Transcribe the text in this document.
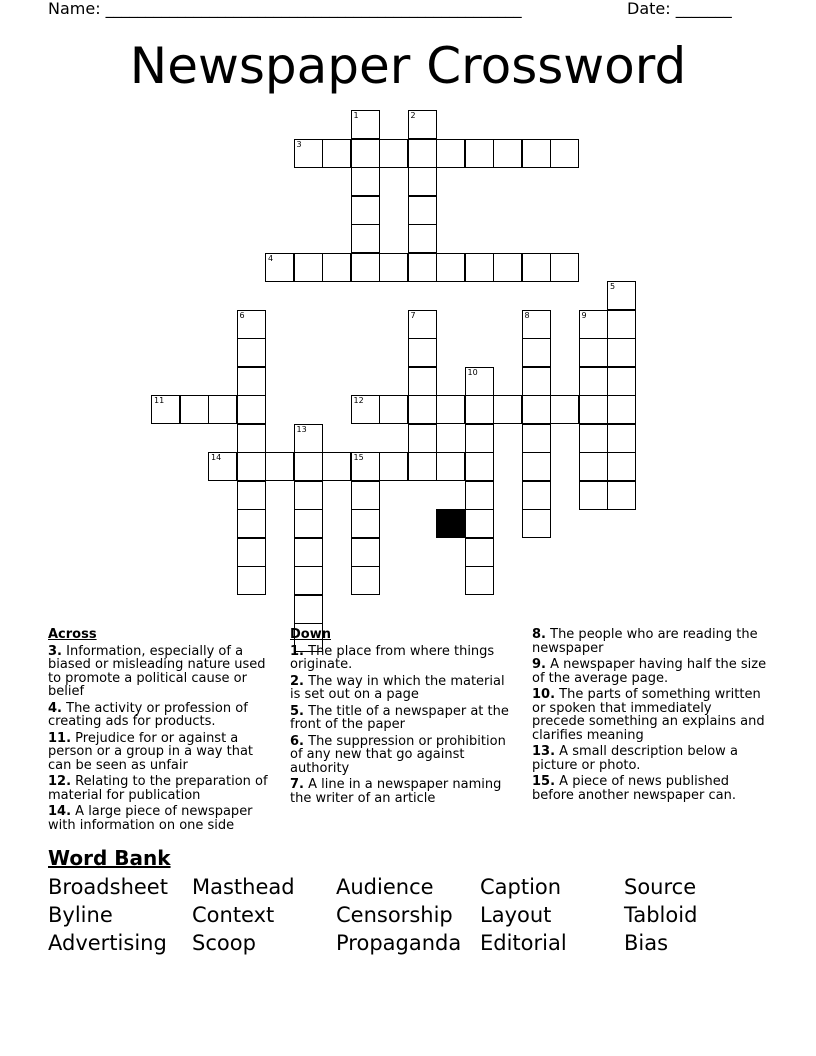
Name: ____________________________________________________	Date: _______
Newspaper Crossword
3
4
11	12
14	15
1	2
5
6	7	8	9
10
13
Across
3. Information, especially of a biased or misleading nature used to promote a political cause or belief
4. The activity or profession of creating ads for products.
11. Prejudice for or against a person or a group in a way that can be seen as unfair
12. Relating to the preparation of material for publication
14. A large piece of newspaper with information on one side
Down
1. The place from where things originate.
2. The way in which the material is set out on a page
5. The title of a newspaper at the front of the paper
6. The suppression or prohibition of any new that go against authority
7. A line in a newspaper naming the writer of an article
8. The people who are reading the newspaper
9. A newspaper having half the size of the average page.
10. The parts of something written or spoken that immediately precede something an explains and clarifies meaning
13. A small description below a picture or photo.
15. A piece of news published before another newspaper can.
Word Bank
Broadsheet Masthead Audience Caption	Source
Byline	Context	Censorship Layout	Tabloid
Advertising Scoop	Propaganda Editorial	Bias
